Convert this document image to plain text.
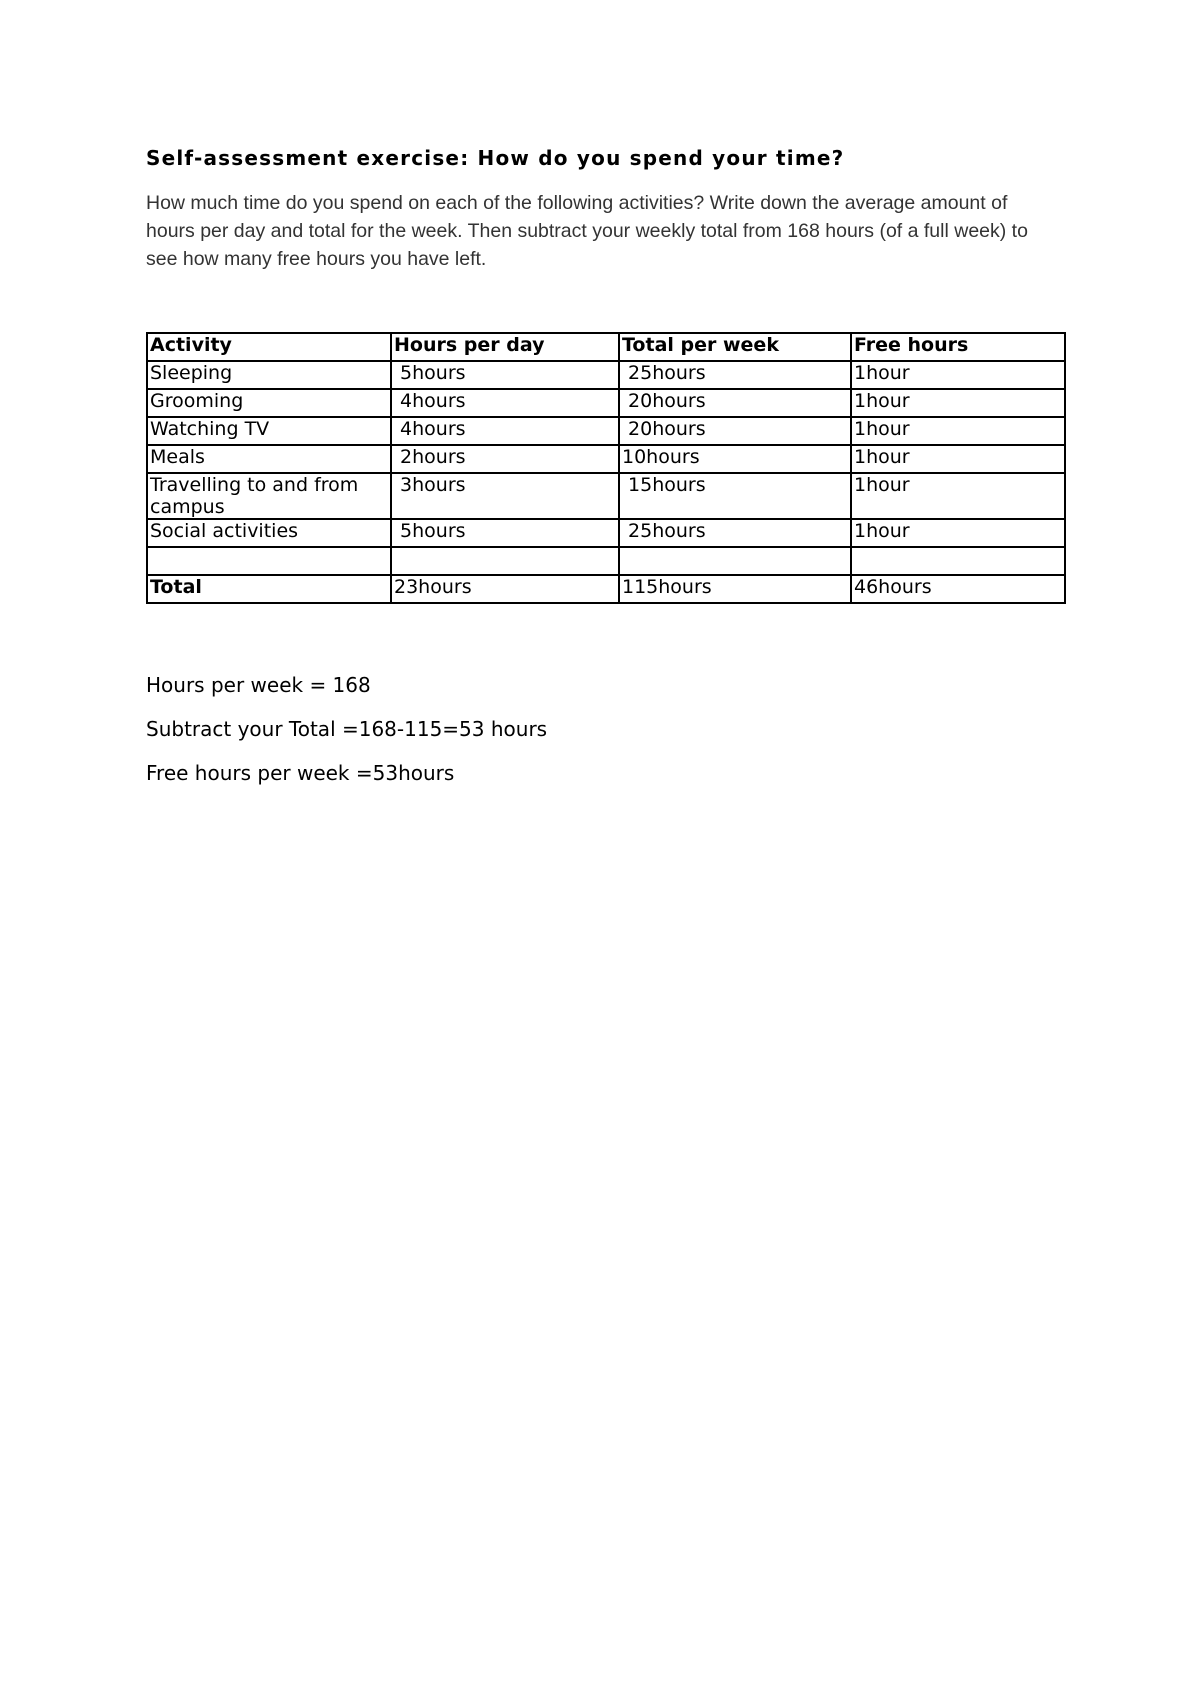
Self-assessment exercise: How do you spend your time?

How much time do you spend on each of the following activities? Write down the average amount of hours per day and total for the week. Then subtract your weekly total from 168 hours (of a full week) to see how many free hours you have left.

Activity	Hours per day	Total per week	Free hours
Sleeping	5hours	25hours	1hour
Grooming	4hours	20hours	1hour
Watching TV	4hours	20hours	1hour
Meals	2hours	10hours	1hour
Travelling to and from campus	3hours	15hours	1hour
Social activities	5hours	25hours	1hour

Total	23hours	115hours	46hours

Hours per week = 168

Subtract your Total =168-115=53 hours

Free hours per week =53hours
